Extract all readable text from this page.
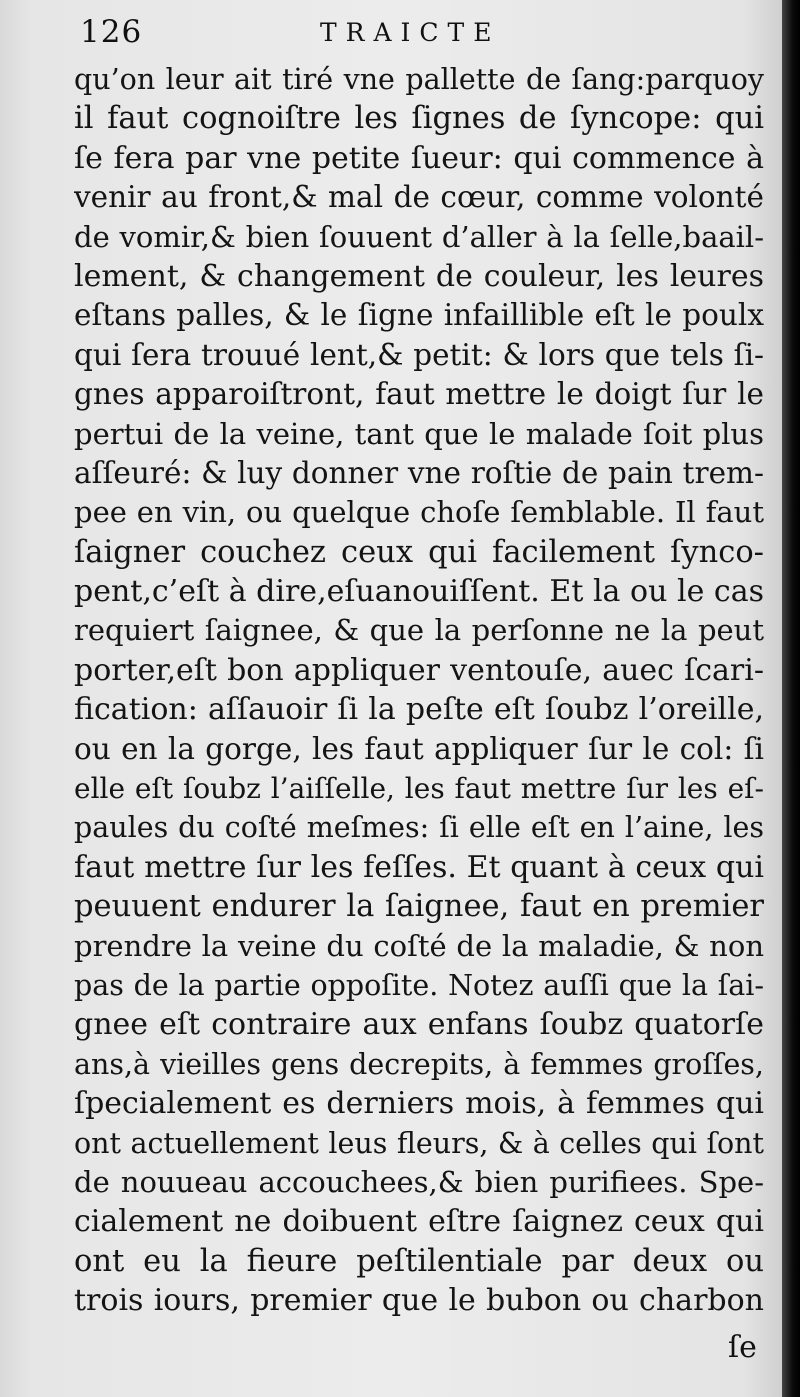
126	TRAICTE
qu’on leur ait tiré vne pallette de ſang:parquoy
il faut cognoiſtre les ſignes de ſyncope: qui
ſe fera par vne petite ſueur: qui commence à
venir au front,& mal de cœur, comme volonté
de vomir,& bien ſouuent d’aller à la ſelle,baail-
lement, & changement de couleur, les leures
eſtans palles, & le ſigne infaillible eſt le poulx
qui ſera trouué lent,& petit: & lors que tels ſi-
gnes apparoiſtront, faut mettre le doigt ſur le
pertui de la veine, tant que le malade ſoit plus
aſſeuré: & luy donner vne roſtie de pain trem-
pee en vin, ou quelque choſe ſemblable. Il faut
ſaigner couchez ceux qui facilement ſynco-
pent,c’eſt à dire,eſuanouiſſent. Et la ou le cas
requiert ſaignee, & que la perſonne ne la peut
porter,eſt bon appliquer ventouſe, auec ſcari-
fication: aſſauoir ſi la peſte eſt ſoubz l’oreille,
ou en la gorge, les faut appliquer ſur le col: ſi
elle eſt ſoubz l’aiſſelle, les faut mettre ſur les eſ-
paules du coſté meſmes: ſi elle eſt en l’aine, les
faut mettre ſur les feſſes. Et quant à ceux qui
peuuent endurer la ſaignee, faut en premier
prendre la veine du coſté de la maladie, & non
pas de la partie oppoſite. Notez auſſi que la ſai-
gnee eſt contraire aux enfans ſoubz quatorſe
ans,à vieilles gens decrepits, à femmes groſſes,
ſpecialement es derniers mois, à femmes qui
ont actuellement leus fleurs, & à celles qui ſont
de nouueau accouchees,& bien purifiees. Spe-
cialement ne doibuent eſtre ſaignez ceux qui
ont eu la fieure peſtilentiale par deux ou
trois iours, premier que le bubon ou charbon
ſe
